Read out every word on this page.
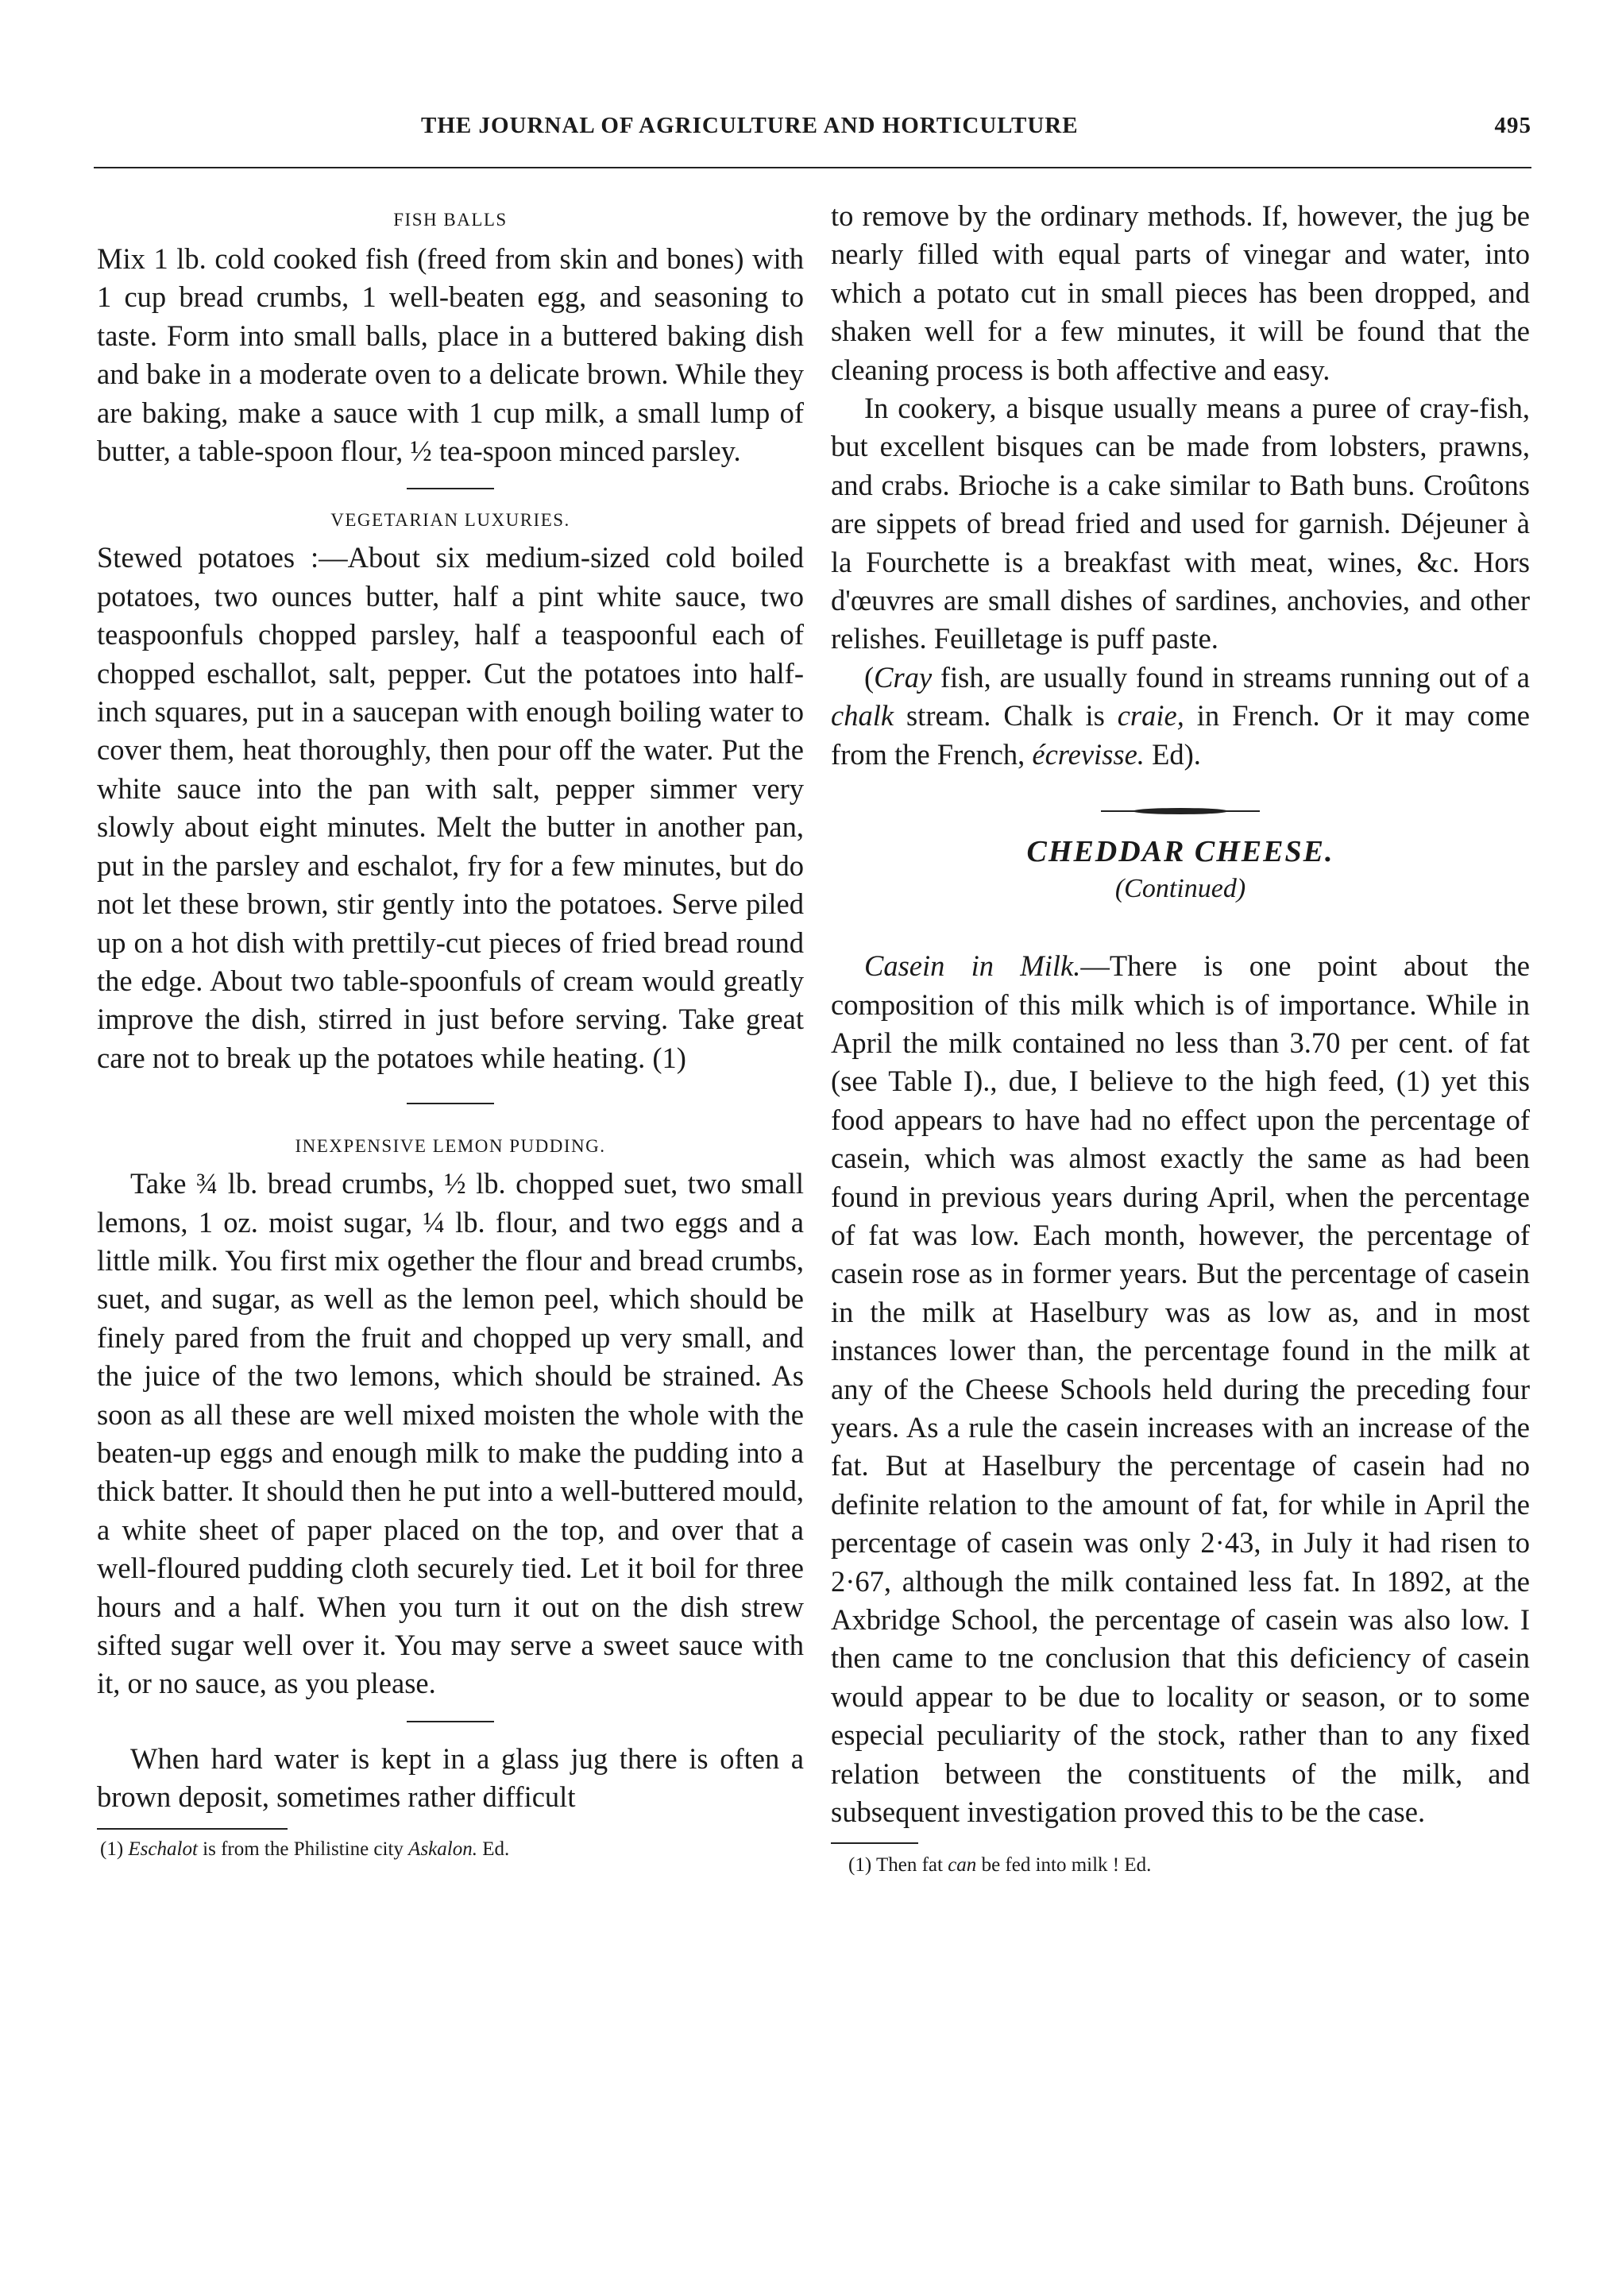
THE JOURNAL OF AGRICULTURE AND HORTICULTURE	495

FISH BALLS

Mix 1 lb. cold cooked fish (freed from skin and bones) with 1 cup bread crumbs, 1 well-beaten egg, and seasoning to taste. Form into small balls, place in a buttered baking dish and bake in a moderate oven to a delicate brown. While they are baking, make a sauce with 1 cup milk, a small lump of butter, a table-spoon flour, ½ tea-spoon minced parsley.

VEGETARIAN LUXURIES.

Stewed potatoes :—About six medium-sized cold boiled potatoes, two ounces butter, half a pint white sauce, two teaspoonfuls chopped parsley, half a teaspoonful each of chopped eschallot, salt, pepper. Cut the potatoes into half-inch squares, put in a saucepan with enough boiling water to cover them, heat thoroughly, then pour off the water. Put the white sauce into the pan with salt, pepper simmer very slowly about eight minutes. Melt the butter in another pan, put in the parsley and eschalot, fry for a few minutes, but do not let these brown, stir gently into the potatoes. Serve piled up on a hot dish with prettily-cut pieces of fried bread round the edge. About two table-spoonfuls of cream would greatly improve the dish, stirred in just before serving. Take great care not to break up the potatoes while heating. (1)

INEXPENSIVE LEMON PUDDING.

Take ¾ lb. bread crumbs, ½ lb. chopped suet, two small lemons, 1 oz. moist sugar, ¼ lb. flour, and two eggs and a little milk. You first mix ogether the flour and bread crumbs, suet, and sugar, as well as the lemon peel, which should be finely pared from the fruit and chopped up very small, and the juice of the two lemons, which should be strained. As soon as all these are well mixed moisten the whole with the beaten-up eggs and enough milk to make the pudding into a thick batter. It should then he put into a well-buttered mould, a white sheet of paper placed on the top, and over that a well-floured pudding cloth securely tied. Let it boil for three hours and a half. When you turn it out on the dish strew sifted sugar well over it. You may serve a sweet sauce with it, or no sauce, as you please.

When hard water is kept in a glass jug there is often a brown deposit, sometimes rather difficult

(1) Eschalot is from the Philistine city Askalon. Ed.

to remove by the ordinary methods. If, however, the jug be nearly filled with equal parts of vinegar and water, into which a potato cut in small pieces has been dropped, and shaken well for a few minutes, it will be found that the cleaning process is both affective and easy.

In cookery, a bisque usually means a puree of cray-fish, but excellent bisques can be made from lobsters, prawns, and crabs. Brioche is a cake similar to Bath buns. Croûtons are sippets of bread fried and used for garnish. Déjeuner à la Fourchette is a breakfast with meat, wines, &c. Hors d'œuvres are small dishes of sardines, anchovies, and other relishes. Feuilletage is puff paste.

(Cray fish, are usually found in streams running out of a chalk stream. Chalk is craie, in French. Or it may come from the French, écrevisse. Ed).

CHEDDAR CHEESE.
(Continued)

Casein in Milk.—There is one point about the composition of this milk which is of importance. While in April the milk contained no less than 3.70 per cent. of fat (see Table I)., due, I believe to the high feed, (1) yet this food appears to have had no effect upon the percentage of casein, which was almost exactly the same as had been found in previous years during April, when the percentage of fat was low. Each month, however, the percentage of casein rose as in former years. But the percentage of casein in the milk at Haselbury was as low as, and in most instances lower than, the percentage found in the milk at any of the Cheese Schools held during the preceding four years. As a rule the casein increases with an increase of the fat. But at Haselbury the percentage of casein had no definite relation to the amount of fat, for while in April the percentage of casein was only 2·43, in July it had risen to 2·67, although the milk contained less fat. In 1892, at the Axbridge School, the percentage of casein was also low. I then came to tne conclusion that this deficiency of casein would appear to be due to locality or season, or to some especial peculiarity of the stock, rather than to any fixed relation between the constituents of the milk, and subsequent investigation proved this to be the case.

(1) Then fat can be fed into milk ! Ed.
